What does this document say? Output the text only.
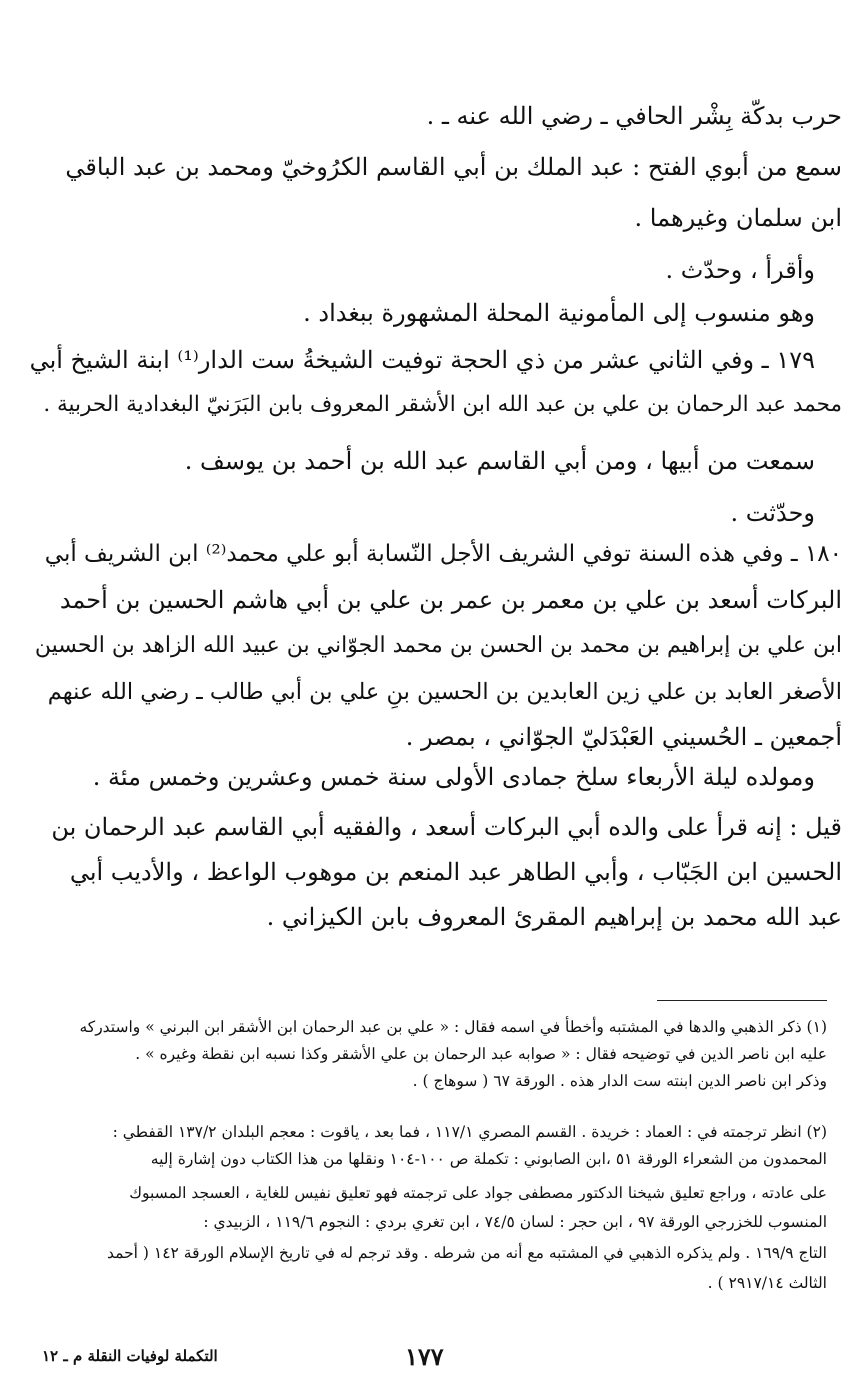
حرب بدكّة بِشْر الحافي ـ رضي الله عنه ـ .
سمع من أبوي الفتح : عبد الملك بن أبي القاسم الكرُوخيّ ومحمد بن عبد الباقي
ابن سلمان وغيرهما .
وأقرأ ، وحدّث .
وهو منسوب إلى المأمونية المحلة المشهورة ببغداد .
١٧٩ ـ وفي الثاني عشر من ذي الحجة توفيت الشيخةُ ست الدار⁽¹⁾ ابنة الشيخ أبي
محمد عبد الرحمان بن علي بن عبد الله ابن الأشقر المعروف بابن البَرَنيّ البغدادية الحربية .
سمعت من أبيها ، ومن أبي القاسم عبد الله بن أحمد بن يوسف .
وحدّثت .
١٨٠ ـ وفي هذه السنة توفي الشريف الأجل النّسابة أبو علي محمد⁽²⁾ ابن الشريف أبي
البركات أسعد بن علي بن معمر بن عمر بن علي بن أبي هاشم الحسين بن أحمد
ابن علي بن إبراهيم بن محمد بن الحسن بن محمد الجوّاني بن عبيد الله الزاهد بن الحسين
الأصغر العابد بن علي زين العابدين بن الحسين بنِ علي بن أبي طالب ـ رضي الله عنهم
أجمعين ـ الحُسيني العَبْدَليّ الجوّاني ، بمصر .
ومولده ليلة الأربعاء سلخ جمادى الأولى سنة خمس وعشرين وخمس مئة .
قيل : إنه قرأ على والده أبي البركات أسعد ، والفقيه أبي القاسم عبد الرحمان بن
الحسين ابن الجَبّاب ، وأبي الطاهر عبد المنعم بن موهوب الواعظ ، والأديب أبي
عبد الله محمد بن إبراهيم المقرئ المعروف بابن الكيزاني .
(١) ذكر الذهبي والدها في المشتبه وأخطأ في اسمه فقال : « علي بن عبد الرحمان ابن الأشقر ابن البرني » واستدركه
عليه ابن ناصر الدين في توضيحه فقال : « صوابه عبد الرحمان بن علي الأشقر وكذا نسبه ابن نقطة وغيره » .
وذكر ابن ناصر الدين ابنته ست الدار هذه . الورقة ٦٧ ( سوهاج ) .
(٢) انظر ترجمته في : العماد : خريدة . القسم المصري ١١٧/١ ، فما بعد ، ياقوت : معجم البلدان ١٣٧/٢ القفطي :
المحمدون من الشعراء الورقة ٥١ ،ابن الصابوني : تكملة ص ١٠٠-١٠٤ ونقلها من هذا الكتاب دون إشارة إليه
على عادته ، وراجع تعليق شيخنا الدكتور مصطفى جواد على ترجمته فهو تعليق نفيس للغاية ، العسجد المسبوك
المنسوب للخزرجي الورقة ٩٧ ، ابن حجر : لسان ٧٤/٥ ، ابن تغري بردي : النجوم ١١٩/٦ ، الزبيدي :
التاج ١٦٩/٩ . ولم يذكره الذهبي في المشتبه مع أنه من شرطه . وقد ترجم له في تاريخ الإسلام الورقة ١٤٢ ( أحمد
الثالث ٢٩١٧/١٤ ) .
١٧٧
التكملة لوفيات النقلة م ـ ١٢
